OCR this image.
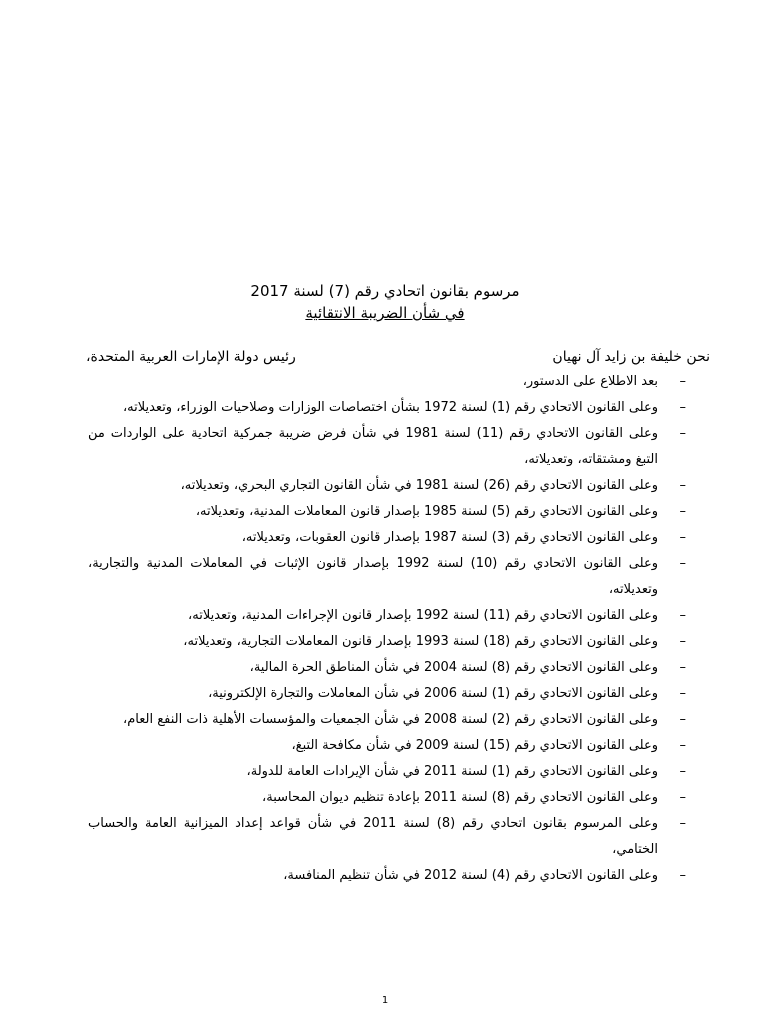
مرسوم بقانون اتحادي رقم (7) لسنة 2017
في شأن الضريبة الانتقائية
نحن خليفة بن زايد آل نهيان
رئيس دولة الإمارات العربية المتحدة،
–
بعد الاطلاع على الدستور،
–
وعلى القانون الاتحادي رقم (1) لسنة 1972 بشأن اختصاصات الوزارات وصلاحيات الوزراء، وتعديلاته،
–
وعلى القانون الاتحادي رقم (11) لسنة 1981 في شأن فرض ضريبة جمركية اتحادية على الواردات من التبغ ومشتقاته، وتعديلاته،
–
وعلى القانون الاتحادي رقم (26) لسنة 1981 في شأن القانون التجاري البحري، وتعديلاته،
–
وعلى القانون الاتحادي رقم (5) لسنة 1985 بإصدار قانون المعاملات المدنية، وتعديلاته،
–
وعلى القانون الاتحادي رقم (3) لسنة 1987 بإصدار قانون العقوبات، وتعديلاته،
–
وعلى القانون الاتحادي رقم (10) لسنة 1992 بإصدار قانون الإثبات في المعاملات المدنية والتجارية، وتعديلاته،
–
وعلى القانون الاتحادي رقم (11) لسنة 1992 بإصدار قانون الإجراءات المدنية، وتعديلاته،
–
وعلى القانون الاتحادي رقم (18) لسنة 1993 بإصدار قانون المعاملات التجارية، وتعديلاته،
–
وعلى القانون الاتحادي رقم (8) لسنة 2004 في شأن المناطق الحرة المالية،
–
وعلى القانون الاتحادي رقم (1) لسنة 2006 في شأن المعاملات والتجارة الإلكترونية،
–
وعلى القانون الاتحادي رقم (2) لسنة 2008 في شأن الجمعيات والمؤسسات الأهلية ذات النفع العام،
–
وعلى القانون الاتحادي رقم (15) لسنة 2009 في شأن مكافحة التبغ،
–
وعلى القانون الاتحادي رقم (1) لسنة 2011 في شأن الإيرادات العامة للدولة،
–
وعلى القانون الاتحادي رقم (8) لسنة 2011 بإعادة تنظيم ديوان المحاسبة،
–
وعلى المرسوم بقانون اتحادي رقم (8) لسنة 2011 في شأن قواعد إعداد الميزانية العامة والحساب الختامي،
–
وعلى القانون الاتحادي رقم (4) لسنة 2012 في شأن تنظيم المنافسة،
1
